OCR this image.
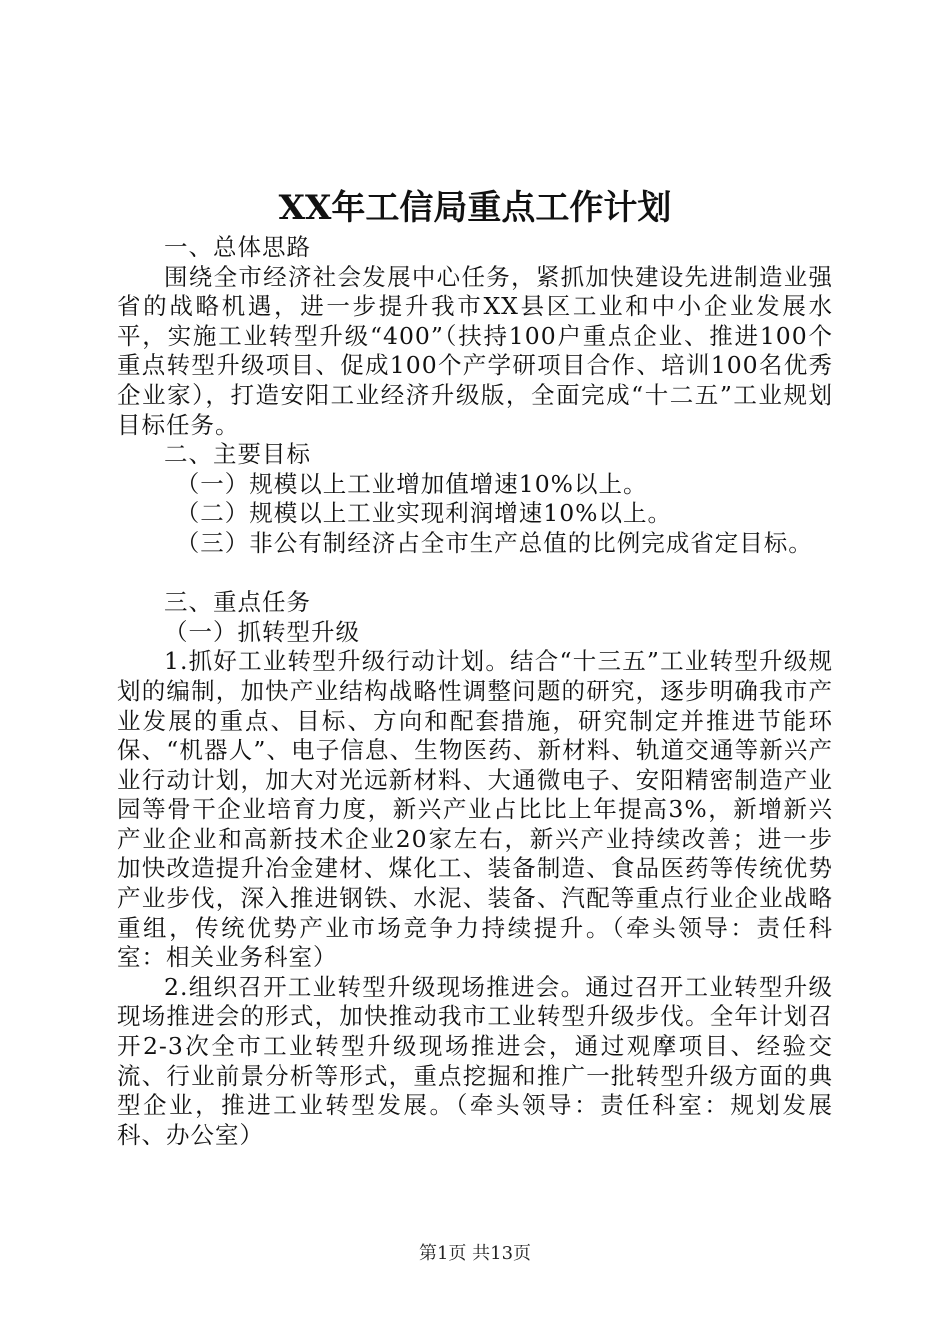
XX年工信局重点工作计划

一、总体思路

围绕全市经济社会发展中心任务，紧抓加快建设先进制造业强省的战略机遇，进一步提升我市XX县区工业和中小企业发展水平，实施工业转型升级“400”（扶持100户重点企业、推进100个重点转型升级项目、促成100个产学研项目合作、培训100名优秀企业家），打造安阳工业经济升级版，全面完成“十二五”工业规划目标任务。

二、主要目标

（一）规模以上工业增加值增速10%以上。

（二）规模以上工业实现利润增速10%以上。

（三）非公有制经济占全市生产总值的比例完成省定目标。

三、重点任务

（一）抓转型升级

1.抓好工业转型升级行动计划。结合“十三五”工业转型升级规划的编制，加快产业结构战略性调整问题的研究，逐步明确我市产业发展的重点、目标、方向和配套措施，研究制定并推进节能环保、“机器人”、电子信息、生物医药、新材料、轨道交通等新兴产业行动计划，加大对光远新材料、大通微电子、安阳精密制造产业园等骨干企业培育力度，新兴产业占比比上年提高3%，新增新兴产业企业和高新技术企业20家左右，新兴产业持续改善；进一步加快改造提升冶金建材、煤化工、装备制造、食品医药等传统优势产业步伐，深入推进钢铁、水泥、装备、汽配等重点行业企业战略重组，传统优势产业市场竞争力持续提升。（牵头领导：责任科室：相关业务科室）

2.组织召开工业转型升级现场推进会。通过召开工业转型升级现场推进会的形式，加快推动我市工业转型升级步伐。全年计划召开2-3次全市工业转型升级现场推进会，通过观摩项目、经验交流、行业前景分析等形式，重点挖掘和推广一批转型升级方面的典型企业，推进工业转型发展。（牵头领导：责任科室：规划发展科、办公室）

第1页 共13页
